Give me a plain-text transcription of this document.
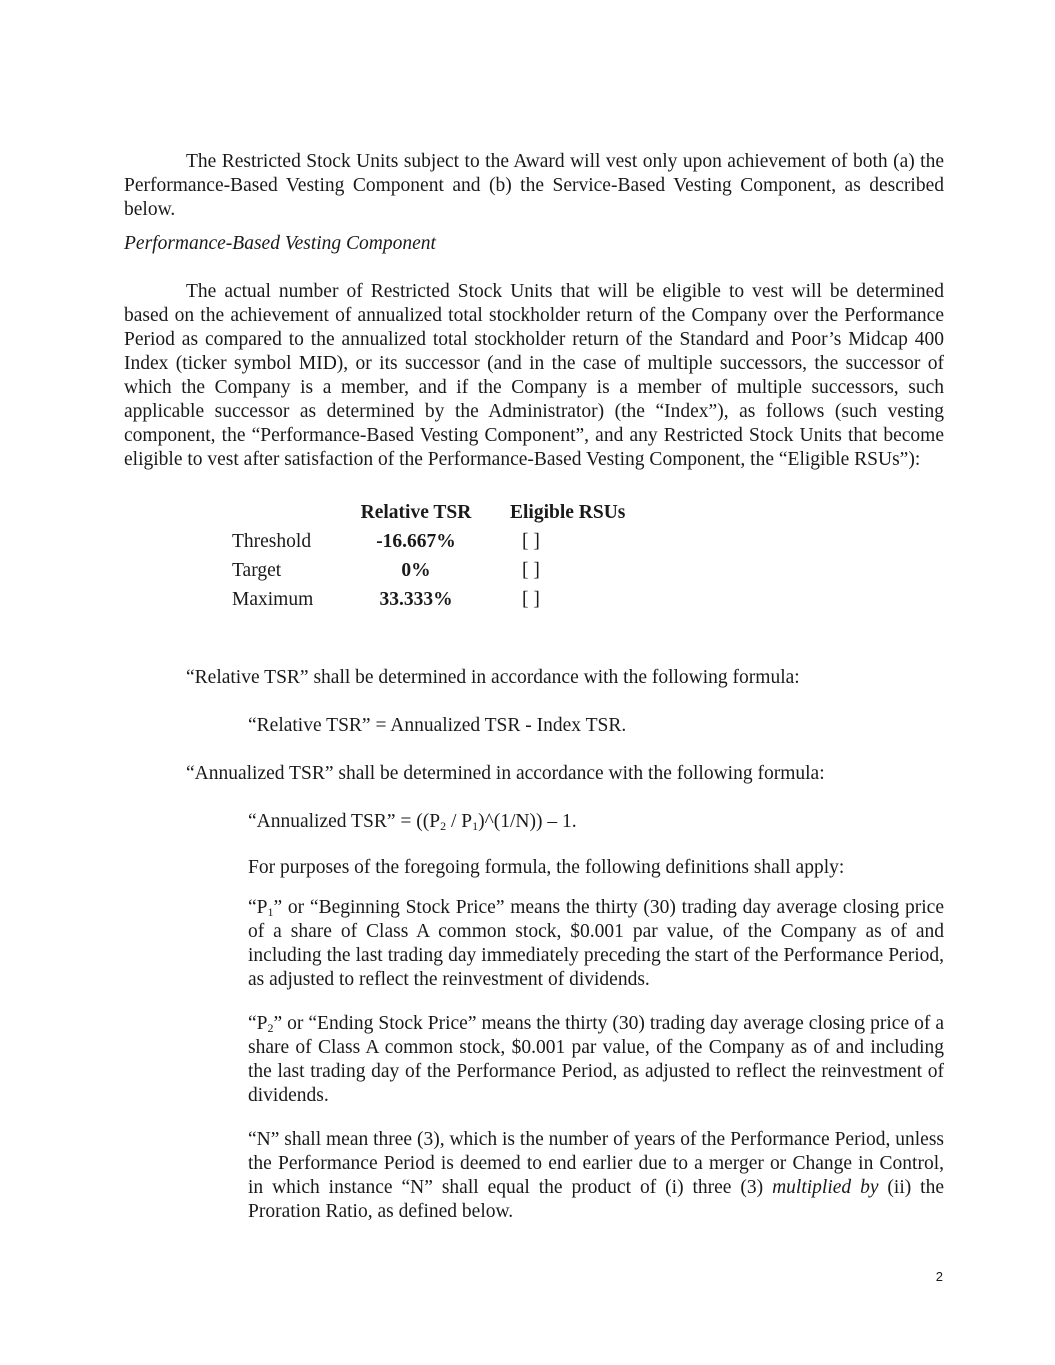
The Restricted Stock Units subject to the Award will vest only upon achievement of both (a) the Performance-Based Vesting Component and (b) the Service-Based Vesting Component, as described below.

Performance-Based Vesting Component

The actual number of Restricted Stock Units that will be eligible to vest will be determined based on the achievement of annualized total stockholder return of the Company over the Performance Period as compared to the annualized total stockholder return of the Standard and Poor’s Midcap 400 Index (ticker symbol MID), or its successor (and in the case of multiple successors, the successor of which the Company is a member, and if the Company is a member of multiple successors, such applicable successor as determined by the Administrator) (the “Index”), as follows (such vesting component, the “Performance-Based Vesting Component”, and any Restricted Stock Units that become eligible to vest after satisfaction of the Performance-Based Vesting Component, the “Eligible RSUs”):

	Relative TSR		Eligible RSUs
Threshold	-16.667%		[ ]
Target	0%		[ ]
Maximum	33.333%		[ ]

“Relative TSR” shall be determined in accordance with the following formula:

“Relative TSR” = Annualized TSR - Index TSR.

“Annualized TSR” shall be determined in accordance with the following formula:

“Annualized TSR” = (($P_2$ / $P_1)\^{}(1/N)) - 1$.

For purposes of the foregoing formula, the following definitions shall apply:

“$P_1$” or “Beginning Stock Price” means the thirty (30) trading day average closing price of a share of Class A common stock, $0.001 par value, of the Company as of and including the last trading day immediately preceding the start of the Performance Period, as adjusted to reflect the reinvestment of dividends.

“$P_2$” or “Ending Stock Price” means the thirty (30) trading day average closing price of a share of Class A common stock, $0.001 par value, of the Company as of and including the last trading day of the Performance Period, as adjusted to reflect the reinvestment of dividends.

“N” shall mean three (3), which is the number of years of the Performance Period, unless the Performance Period is deemed to end earlier due to a merger or Change in Control, in which instance “N” shall equal the product of (i) three (3) multiplied by (ii) the Proration Ratio, as defined below.

2
